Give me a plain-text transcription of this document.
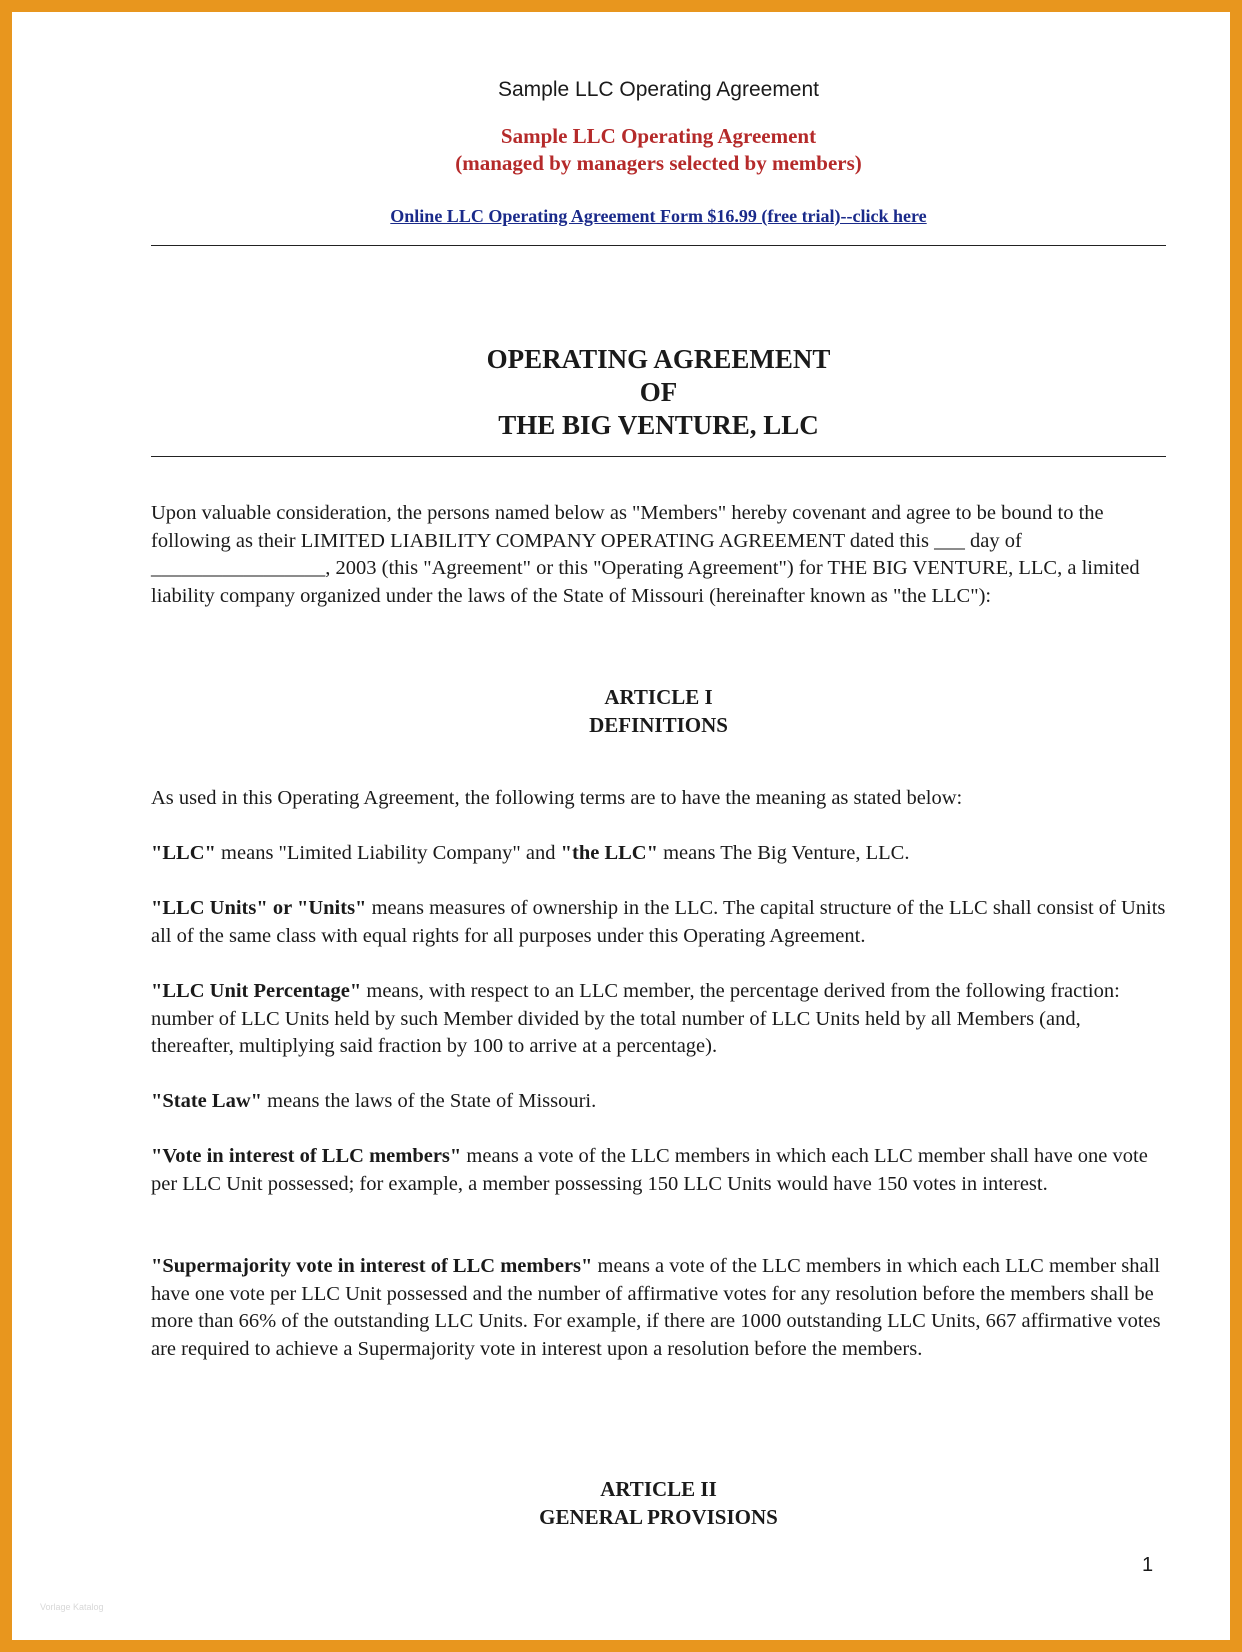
Sample LLC Operating Agreement
Sample LLC Operating Agreement
(managed by managers selected by members)
Online LLC Operating Agreement Form $16.99 (free trial)--click here
OPERATING AGREEMENT
OF
THE BIG VENTURE, LLC

Upon valuable consideration, the persons named below as "Members" hereby covenant and agree to be bound to the following as their LIMITED LIABILITY COMPANY OPERATING AGREEMENT dated this ___ day of _________________, 2003 (this "Agreement" or this "Operating Agreement") for THE BIG VENTURE, LLC, a limited liability company organized under the laws of the State of Missouri (hereinafter known as "the LLC"):

ARTICLE I
DEFINITIONS

As used in this Operating Agreement, the following terms are to have the meaning as stated below:

"LLC" means "Limited Liability Company" and "the LLC" means The Big Venture, LLC.

"LLC Units" or "Units" means measures of ownership in the LLC. The capital structure of the LLC shall consist of Units all of the same class with equal rights for all purposes under this Operating Agreement.

"LLC Unit Percentage" means, with respect to an LLC member, the percentage derived from the following fraction: number of LLC Units held by such Member divided by the total number of LLC Units held by all Members (and, thereafter, multiplying said fraction by 100 to arrive at a percentage).

"State Law" means the laws of the State of Missouri.

"Vote in interest of LLC members" means a vote of the LLC members in which each LLC member shall have one vote per LLC Unit possessed; for example, a member possessing 150 LLC Units would have 150 votes in interest.

"Supermajority vote in interest of LLC members" means a vote of the LLC members in which each LLC member shall have one vote per LLC Unit possessed and the number of affirmative votes for any resolution before the members shall be more than 66% of the outstanding LLC Units. For example, if there are 1000 outstanding LLC Units, 667 affirmative votes are required to achieve a Supermajority vote in interest upon a resolution before the members.

ARTICLE II
GENERAL PROVISIONS
1
Vorlage Katalog
